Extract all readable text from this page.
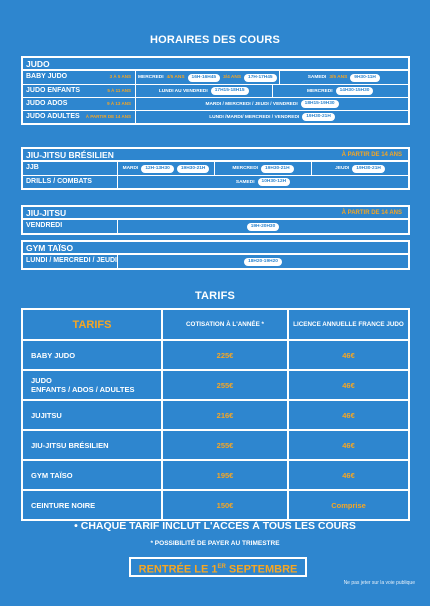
HORAIRES DES COURS
JUDO
BABY JUDO	3 À 5 ANS MERCREDI 4/5 ANS	16H-16H45	3/4 ANS	17H-17H45	SAMEDI 3/5 ANS	9H30-11H
JUDO ENFANTS	5 À 11 ANS	LUNDI AU VENDREDI	17H15-18H15	MERCREDI	14H30-15H30
JUDO ADOS	9 À 13 ANS	MARDI / MERCREDI / JEUDI / VENDREDI	18H15-19H30
JUDO ADULTES À PARTIR DE 14 ANS	LUNDI /MARDI/ MERCREDI / VENDREDI	19H30-21H
JIU-JITSU BRÉSILIEN	À PARTIR DE 14 ANS
JJB	MARDI	12H-13H30	19H30-21H	MERCREDI	19H30-21H	JEUDI	19H30-21H
DRILLS / COMBATS	SAMEDI	10H30-12H
JIU-JITSU	À PARTIR DE 14 ANS
VENDREDI	19H-20H30
GYM TAÏSO
LUNDI / MERCREDI / JEUDI	18H20-19H20
TARIFS
TARIFS	COTISATION À L'ANNÉE *	LICENCE ANNUELLE FRANCE JUDO
BABY JUDO	225€	46€
JUDO
ENFANTS / ADOS / ADULTES	255€	46€
JUJITSU	216€	46€
JIU-JITSU BRÉSILIEN	255€	46€
GYM TAÏSO	195€	46€
CEINTURE NOIRE	150€	Comprise
• CHAQUE TARIF INCLUT L'ACCÈS À TOUS LES COURS
* POSSIBILITÉ DE PAYER AU TRIMESTRE
RENTRÉE LE 1ER SEPTEMBRE
Ne pas jeter sur la voie publique
